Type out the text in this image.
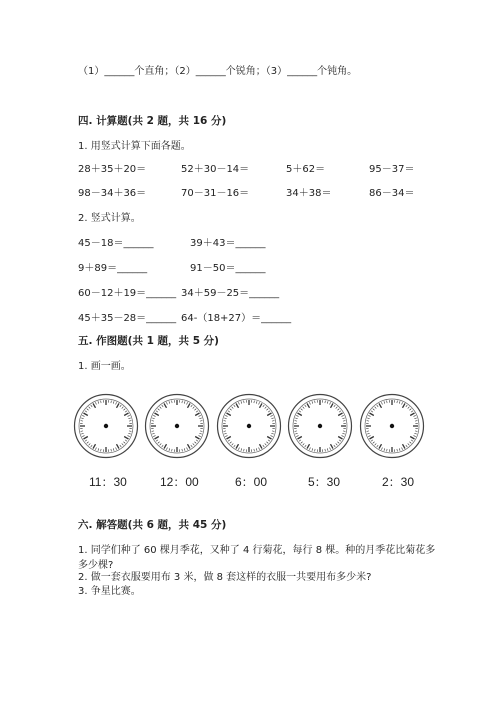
（1）______个直角；（2）______个锐角；（3）______个钝角。
四. 计算题(共 2 题，共 16 分)
1. 用竖式计算下面各题。
28＋35＋20＝	52＋30－14＝	5＋62＝	95－37＝
98－34＋36＝	70－31－16＝	34＋38＝	86－34＝
2. 竖式计算。
45－18＝______	39＋43＝______
9＋89＝______	91－50＝______
60－12＋19＝______ 34＋59－25＝______
45＋35－28＝______ 64-（18+27）＝______
五. 作图题(共 1 题，共 5 分)
1. 画一画。
11：30	12：00	6：00	5：30	2：30
六. 解答题(共 6 题，共 45 分)
1. 同学们种了 60 棵月季花，又种了 4 行菊花，每行 8 棵。种的月季花比菊花多
多少棵?
2. 做一套衣服要用布 3 米，做 8 套这样的衣服一共要用布多少米?
3. 争星比赛。
